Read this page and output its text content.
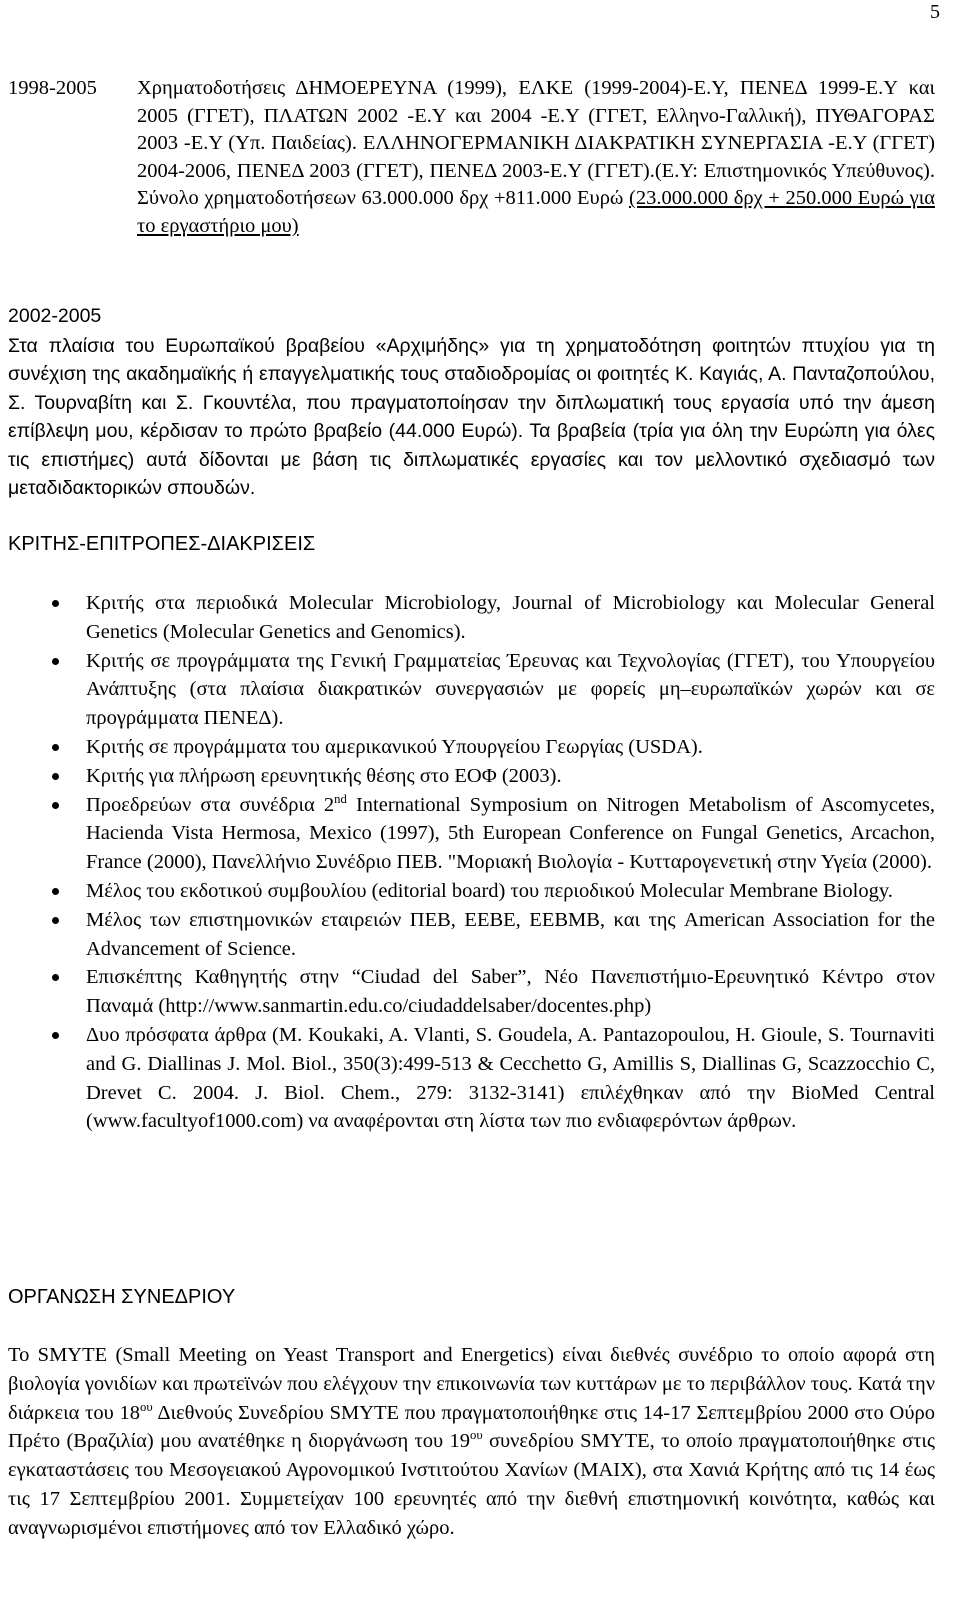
5
1998-2005 Χρηματοδοτήσεις ΔΗΜΟΕΡΕΥΝΑ (1999), ΕΛΚΕ (1999-2004)-Ε.Υ, ΠΕΝΕΔ 1999-Ε.Υ και 2005 (ΓΓΕΤ), ΠΛΑΤΩΝ 2002 -Ε.Υ και 2004 -Ε.Υ (ΓΓΕΤ, Ελληνο-Γαλλική), ΠΥΘΑΓΟΡΑΣ 2003 -Ε.Υ (Υπ. Παιδείας). ΕΛΛΗΝΟΓΕΡΜΑΝΙΚΗ ΔΙΑΚΡΑΤΙΚΗ ΣΥΝΕΡΓΑΣΙΑ -Ε.Υ (ΓΓΕΤ) 2004-2006, ΠΕΝΕΔ 2003 (ΓΓΕΤ), ΠΕΝΕΔ 2003-Ε.Υ (ΓΓΕΤ).(Ε.Υ: Επιστημονικός Υπεύθυνος). Σύνολο χρηματοδοτήσεων 63.000.000 δρχ +811.000 Ευρώ (23.000.000 δρχ + 250.000 Ευρώ για το εργαστήριο μου)
2002-2005
Στα πλαίσια του Ευρωπαϊκού βραβείου «Αρχιμήδης» για τη χρηματοδότηση φοιτητών πτυχίου για τη συνέχιση της ακαδημαϊκής ή επαγγελματικής τους σταδιοδρομίας οι φοιτητές Κ. Καγιάς, Α. Πανταζοπούλου, Σ. Τουρναβίτη και Σ. Γκουντέλα, που πραγματοποίησαν την διπλωματική τους εργασία υπό την άμεση επίβλεψη μου, κέρδισαν το πρώτο βραβείο (44.000 Ευρώ). Τα βραβεία (τρία για όλη την Ευρώπη για όλες τις επιστήμες) αυτά δίδονται με βάση τις διπλωματικές εργασίες και τον μελλοντικό σχεδιασμό των μεταδιδακτορικών σπουδών.
ΚΡΙΤΗΣ-ΕΠΙΤΡΟΠΕΣ-ΔΙΑΚΡΙΣΕΙΣ
Κριτής στα περιοδικά Molecular Microbiology, Journal of Microbiology και Molecular General Genetics (Molecular Genetics and Genomics).
Κριτής σε προγράμματα της Γενική Γραμματείας Έρευνας και Τεχνολογίας (ΓΓΕΤ), του Υπουργείου Ανάπτυξης (στα πλαίσια διακρατικών συνεργασιών με φορείς μη–ευρωπαϊκών χωρών και σε προγράμματα ΠΕΝΕΔ).
Κριτής σε προγράμματα του αμερικανικού Υπουργείου Γεωργίας (USDA).
Κριτής για πλήρωση ερευνητικής θέσης στο ΕΟΦ (2003).
Προεδρεύων στα συνέδρια 2nd International Symposium on Nitrogen Metabolism of Ascomycetes, Hacienda Vista Hermosa, Mexico (1997), 5th European Conference on Fungal Genetics, Arcachon, France (2000), Πανελλήνιο Συνέδριο ΠΕΒ. "Μοριακή Βιολογία - Κυτταρογενετική στην Υγεία (2000).
Μέλος του εκδοτικού συμβουλίου (editorial board) του περιοδικού Molecular Membrane Biology.
Μέλος των επιστημονικών εταιρειών ΠΕΒ, ΕΕΒΕ, ΕΕΒΜΒ, και της American Association for the Advancement of Science.
Επισκέπτης Καθηγητής στην “Ciudad del Saber”, Νέο Πανεπιστήμιο-Ερευνητικό Κέντρο στον Παναμά (http://www.sanmartin.edu.co/ciudaddelsaber/docentes.php)
Δυο πρόσφατα άρθρα (M. Koukaki, A. Vlanti, S. Goudela, A. Pantazopoulou, H. Gioule, S. Tournaviti and G. Diallinas J. Mol. Biol., 350(3):499-513 & Cecchetto G, Amillis S, Diallinas G, Scazzocchio C, Drevet C. 2004. J. Biol. Chem., 279: 3132-3141) επιλέχθηκαν από την BioMed Central (www.facultyof1000.com) να αναφέρονται στη λίστα των πιο ενδιαφερόντων άρθρων.
ΟΡΓΑΝΩΣΗ ΣΥΝΕΔΡΙΟΥ
Το SMYTE (Small Meeting on Yeast Transport and Energetics) είναι διεθνές συνέδριο το οποίο αφορά στη βιολογία γονιδίων και πρωτεϊνών που ελέγχουν την επικοινωνία των κυττάρων με το περιβάλλον τους. Κατά την διάρκεια του $18^{o\upsilon}$ Διεθνούς Συνεδρίου SMYTE που πραγματοποιήθηκε στις 14-17 Σεπτεμβρίου 2000 στο Ούρο Πρέτο (Βραζιλία) μου ανατέθηκε η διοργάνωση του $19^{o\upsilon}$ συνεδρίου SMYTE, το οποίο πραγματοποιήθηκε στις εγκαταστάσεις του Μεσογειακού Αγρονομικού Ινστιτούτου Χανίων (ΜΑΙΧ), στα Χανιά Κρήτης από τις 14 έως τις 17 Σεπτεμβρίου 2001. Συμμετείχαν 100 ερευνητές από την διεθνή επιστημονική κοινότητα, καθώς και αναγνωρισμένοι επιστήμονες από τον Ελλαδικό χώρο.
